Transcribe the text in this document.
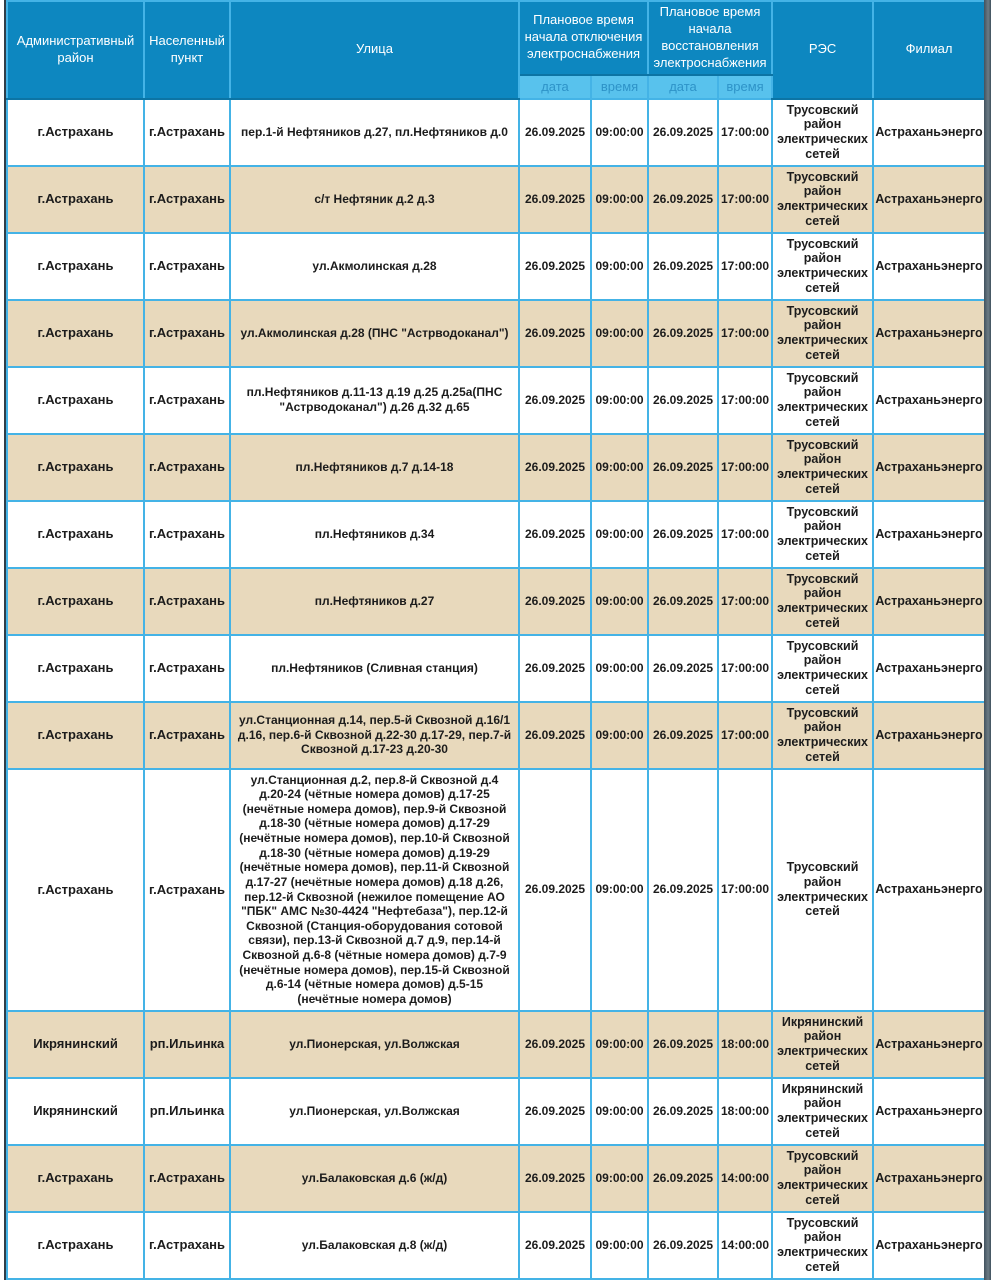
Административный район	Населенный пункт	Улица	Плановое время начала отключения электроснабжения		Плановое время начала восстановления электроснабжения		РЭС	Филиал
			дата	время	дата	время		
г.Астрахань	г.Астрахань	пер.1-й Нефтяников д.27, пл.Нефтяников д.0	26.09.2025	09:00:00	26.09.2025	17:00:00	Трусовский район электрических сетей	Астраханьэнерго
г.Астрахань	г.Астрахань	с/т Нефтяник д.2 д.3	26.09.2025	09:00:00	26.09.2025	17:00:00	Трусовский район электрических сетей	Астраханьэнерго
г.Астрахань	г.Астрахань	ул.Акмолинская д.28	26.09.2025	09:00:00	26.09.2025	17:00:00	Трусовский район электрических сетей	Астраханьэнерго
г.Астрахань	г.Астрахань	ул.Акмолинская д.28 (ПНС "Астрводоканал")	26.09.2025	09:00:00	26.09.2025	17:00:00	Трусовский район электрических сетей	Астраханьэнерго
г.Астрахань	г.Астрахань	пл.Нефтяников д.11-13 д.19 д.25 д.25а(ПНС "Астрводоканал") д.26 д.32 д.65	26.09.2025	09:00:00	26.09.2025	17:00:00	Трусовский район электрических сетей	Астраханьэнерго
г.Астрахань	г.Астрахань	пл.Нефтяников д.7 д.14-18	26.09.2025	09:00:00	26.09.2025	17:00:00	Трусовский район электрических сетей	Астраханьэнерго
г.Астрахань	г.Астрахань	пл.Нефтяников д.34	26.09.2025	09:00:00	26.09.2025	17:00:00	Трусовский район электрических сетей	Астраханьэнерго
г.Астрахань	г.Астрахань	пл.Нефтяников д.27	26.09.2025	09:00:00	26.09.2025	17:00:00	Трусовский район электрических сетей	Астраханьэнерго
г.Астрахань	г.Астрахань	пл.Нефтяников (Сливная станция)	26.09.2025	09:00:00	26.09.2025	17:00:00	Трусовский район электрических сетей	Астраханьэнерго
г.Астрахань	г.Астрахань	ул.Станционная д.14, пер.5-й Сквозной д.16/1 д.16, пер.6-й Сквозной д.22-30 д.17-29, пер.7-й Сквозной д.17-23 д.20-30	26.09.2025	09:00:00	26.09.2025	17:00:00	Трусовский район электрических сетей	Астраханьэнерго
г.Астрахань	г.Астрахань	ул.Станционная д.2, пер.8-й Сквозной д.4 д.20-24 (чётные номера домов) д.17-25 (нечётные номера домов), пер.9-й Сквозной д.18-30 (чётные номера домов) д.17-29 (нечётные номера домов), пер.10-й Сквозной д.18-30 (чётные номера домов) д.19-29 (нечётные номера домов), пер.11-й Сквозной д.17-27 (нечётные номера домов) д.18 д.26, пер.12-й Сквозной (нежилое помещение АО "ПБК" АМС №30-4424 "Нефтебаза"), пер.12-й Сквозной (Станция-оборудования сотовой связи), пер.13-й Сквозной д.7 д.9, пер.14-й Сквозной д.6-8 (чётные номера домов) д.7-9 (нечётные номера домов), пер.15-й Сквозной д.6-14 (чётные номера домов) д.5-15 (нечётные номера домов)	26.09.2025	09:00:00	26.09.2025	17:00:00	Трусовский район электрических сетей	Астраханьэнерго
Икрянинский	рп.Ильинка	ул.Пионерская, ул.Волжская	26.09.2025	09:00:00	26.09.2025	18:00:00	Икрянинский район электрических сетей	Астраханьэнерго
Икрянинский	рп.Ильинка	ул.Пионерская, ул.Волжская	26.09.2025	09:00:00	26.09.2025	18:00:00	Икрянинский район электрических сетей	Астраханьэнерго
г.Астрахань	г.Астрахань	ул.Балаковская д.6 (ж/д)	26.09.2025	09:00:00	26.09.2025	14:00:00	Трусовский район электрических сетей	Астраханьэнерго
г.Астрахань	г.Астрахань	ул.Балаковская д.8 (ж/д)	26.09.2025	09:00:00	26.09.2025	14:00:00	Трусовский район электрических сетей	Астраханьэнерго
